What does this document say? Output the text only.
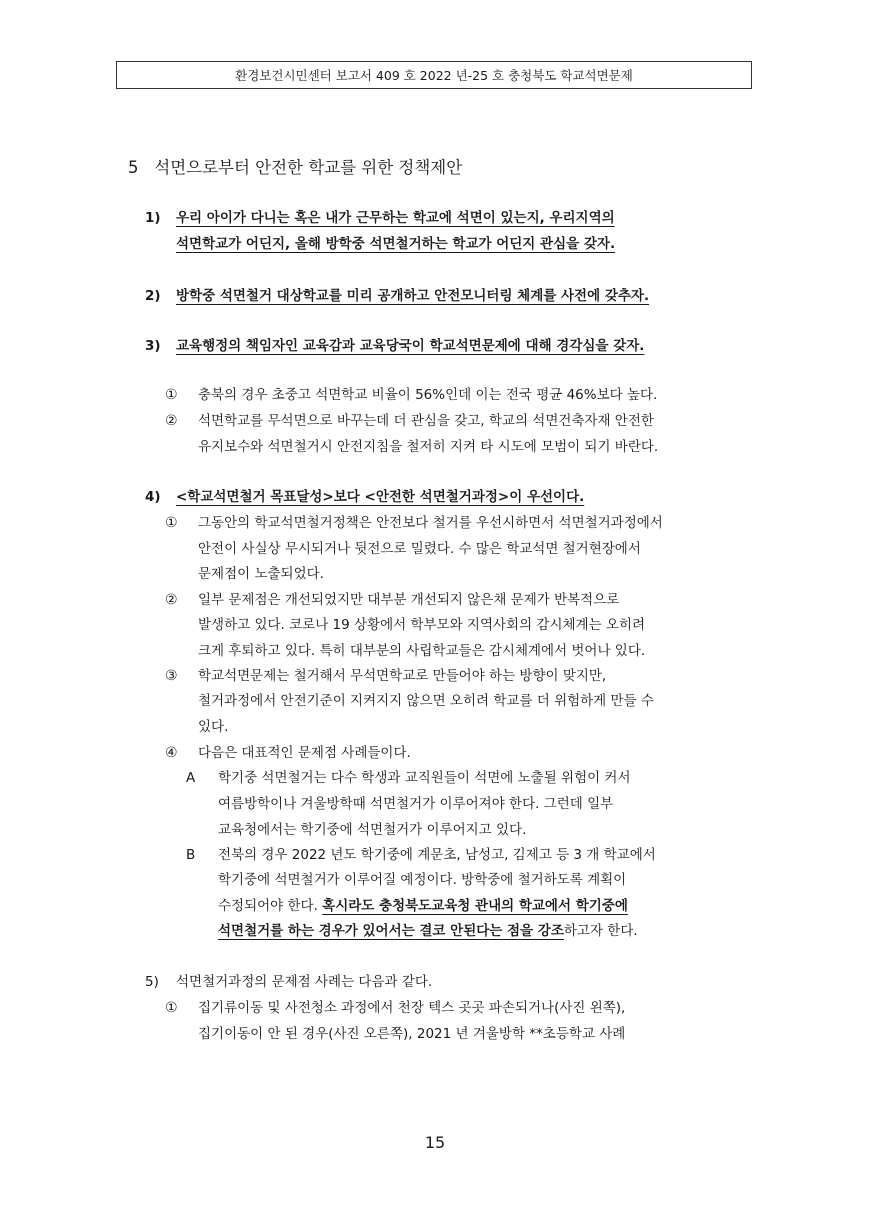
환경보건시민센터 보고서 409 호 2022 년-25 호 충청북도 학교석면문제
5 석면으로부터 안전한 학교를 위한 정책제안
1) 우리 아이가 다니는 혹은 내가 근무하는 학교에 석면이 있는지, 우리지역의
석면학교가 어딘지, 올해 방학중 석면철거하는 학교가 어딘지 관심을 갖자.
2) 방학중 석면철거 대상학교를 미리 공개하고 안전모니터링 체계를 사전에 갖추자.
3) 교육행정의 책임자인 교육감과 교육당국이 학교석면문제에 대해 경각심을 갖자.
① 충북의 경우 초중고 석면학교 비율이 56%인데 이는 전국 평균 46%보다 높다.
② 석면학교를 무석면으로 바꾸는데 더 관심을 갖고, 학교의 석면건축자재 안전한
유지보수와 석면철거시 안전지침을 철저히 지켜 타 시도에 모범이 되기 바란다.
4) <학교석면철거 목표달성>보다 <안전한 석면철거과정>이 우선이다.
① 그동안의 학교석면철거정책은 안전보다 철거를 우선시하면서 석면철거과정에서
안전이 사실상 무시되거나 뒷전으로 밀렸다. 수 많은 학교석면 철거현장에서
문제점이 노출되었다.
② 일부 문제점은 개선되었지만 대부분 개선되지 않은채 문제가 반복적으로
발생하고 있다. 코로나 19 상황에서 학부모와 지역사회의 감시체계는 오히려
크게 후퇴하고 있다. 특히 대부분의 사립학교들은 감시체계에서 벗어나 있다.
③ 학교석면문제는 철거해서 무석면학교로 만들어야 하는 방향이 맞지만,
철거과정에서 안전기준이 지켜지지 않으면 오히려 학교를 더 위험하게 만들 수
있다.
④ 다음은 대표적인 문제점 사례들이다.
A 학기중 석면철거는 다수 학생과 교직원들이 석면에 노출될 위험이 커서
여름방학이나 겨울방학때 석면철거가 이루어져야 한다. 그런데 일부
교육청에서는 학기중에 석면철거가 이루어지고 있다.
B 전북의 경우 2022 년도 학기중에 계문초, 남성고, 김제고 등 3 개 학교에서
학기중에 석면철거가 이루어질 예정이다. 방학중에 철거하도록 계획이
수정되어야 한다. 혹시라도 충청북도교육청 관내의 학교에서 학기중에
석면철거를 하는 경우가 있어서는 결코 안된다는 점을 강조하고자 한다.
5) 석면철거과정의 문제점 사례는 다음과 같다.
① 집기류이동 및 사전청소 과정에서 천장 텍스 곳곳 파손되거나(사진 왼쪽),
집기이동이 안 된 경우(사진 오른쪽), 2021 년 겨울방학 **초등학교 사례
15
